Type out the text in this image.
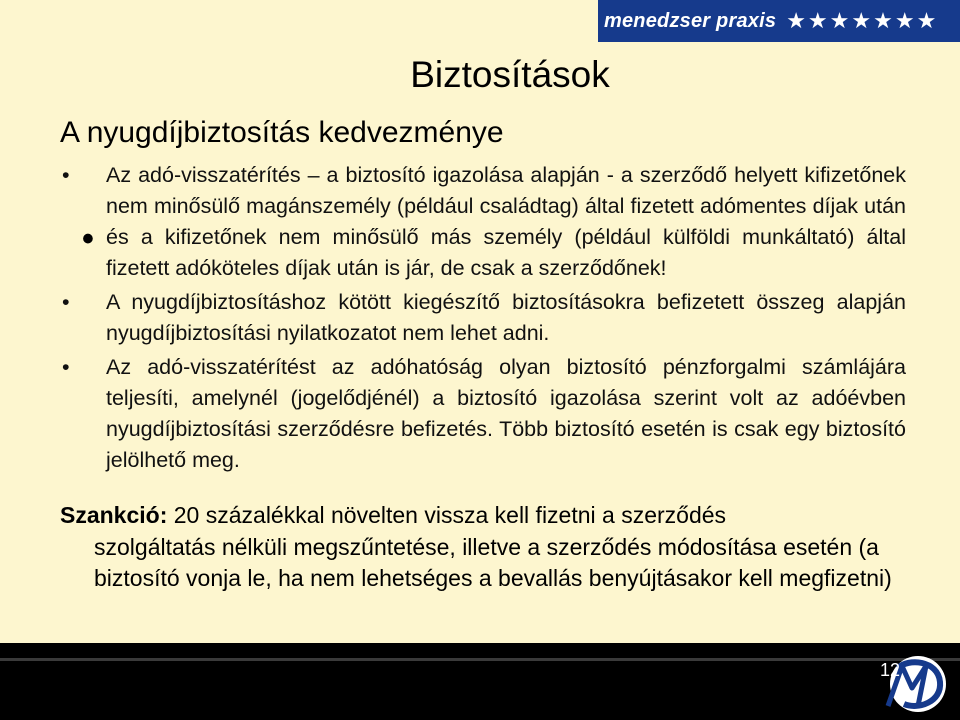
menedzser praxis ★ ★ ★ ★ ★ ★ ★
Biztosítások
A nyugdíjbiztosítás kedvezménye
•
•	Az adó-visszatérítés – a biztosító igazolása alapján - a szerződő helyett kifizetőnek nem minősülő magánszemély (például családtag) által fizetett adómentes díjak után és a kifizetőnek nem minősülő más személy (például külföldi munkáltató) által fizetett adóköteles díjak után is jár, de csak a szerződőnek!
•	A nyugdíjbiztosításhoz kötött kiegészítő biztosításokra befizetett összeg alapján nyugdíjbiztosítási nyilatkozatot nem lehet adni.
•	Az adó-visszatérítést az adóhatóság olyan biztosító pénzforgalmi számlájára teljesíti, amelynél (jogelődjénél) a biztosító igazolása szerint volt az adóévben nyugdíjbiztosítási szerződésre befizetés. Több biztosító esetén is csak egy biztosító jelölhető meg.
Szankció: 20 százalékkal növelten vissza kell fizetni a szerződés
szolgáltatás nélküli megszűntetése, illetve a szerződés módosítása esetén (a biztosító vonja le, ha nem lehetséges a bevallás benyújtásakor kell megfizetni)
12
